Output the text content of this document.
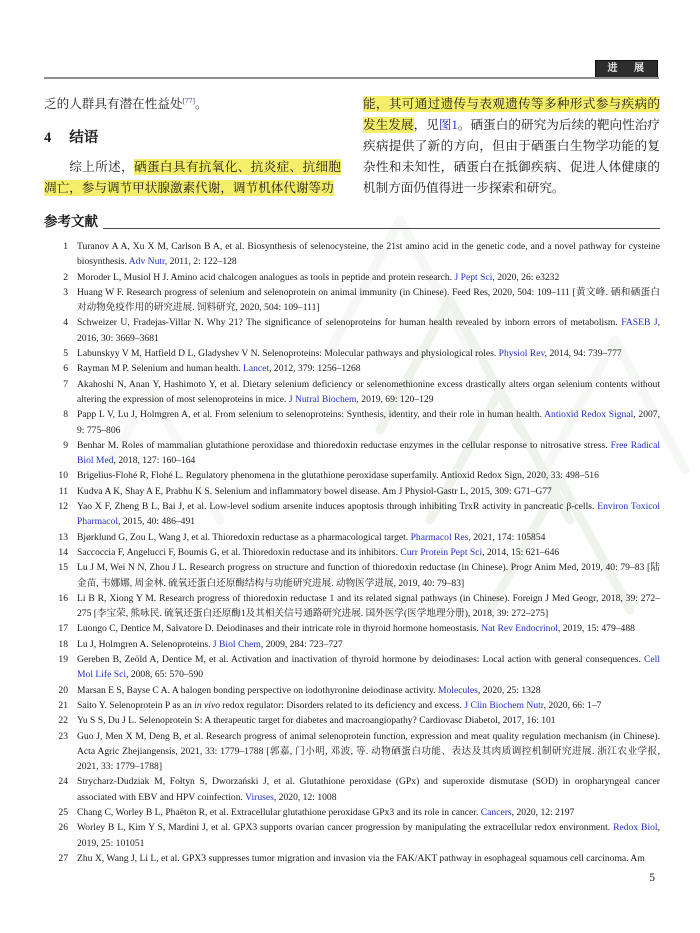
进 展

乏的人群具有潜在性益处[77]。

4 结语

综上所述，硒蛋白具有抗氧化、抗炎症、抗细胞凋亡，参与调节甲状腺激素代谢，调节机体代谢等功

能，其可通过遗传与表观遗传等多种形式参与疾病的发生发展，见图1。硒蛋白的研究为后续的靶向性治疗疾病提供了新的方向，但由于硒蛋白生物学功能的复杂性和未知性，硒蛋白在抵御疾病、促进人体健康的机制方面仍值得进一步探索和研究。

参考文献
1 Turanov A A, Xu X M, Carlson B A, et al. Biosynthesis of selenocysteine, the 21st amino acid in the genetic code, and a novel pathway for cysteine biosynthesis. Adv Nutr, 2011, 2: 122–128
2 Moroder L, Musiol H J. Amino acid chalcogen analogues as tools in peptide and protein research. J Pept Sci, 2020, 26: e3232
3 Huang W F. Research progress of selenium and selenoprotein on animal immunity (in Chinese). Feed Res, 2020, 504: 109–111 [黄文峰. 硒和硒蛋白对动物免疫作用的研究进展. 饲料研究, 2020, 504: 109–111]
4 Schweizer U, Fradejas-Villar N. Why 21? The significance of selenoproteins for human health revealed by inborn errors of metabolism. FASEB J, 2016, 30: 3669–3681
5 Labunskyy V M, Hatfield D L, Gladyshev V N. Selenoproteins: Molecular pathways and physiological roles. Physiol Rev, 2014, 94: 739–777
6 Rayman M P. Selenium and human health. Lancet, 2012, 379: 1256–1268
7 Akahoshi N, Anan Y, Hashimoto Y, et al. Dietary selenium deficiency or selenomethionine excess drastically alters organ selenium contents without altering the expression of most selenoproteins in mice. J Nutral Biochem, 2019, 69: 120–129
8 Papp L V, Lu J, Holmgren A, et al. From selenium to selenoproteins: Synthesis, identity, and their role in human health. Antioxid Redox Signal, 2007, 9: 775–806
9 Benhar M. Roles of mammalian glutathione peroxidase and thioredoxin reductase enzymes in the cellular response to nitrosative stress. Free Radical Biol Med, 2018, 127: 160–164
10 Brigelius-Flohé R, Flohé L. Regulatory phenomena in the glutathione peroxidase superfamily. Antioxid Redox Sign, 2020, 33: 498–516
11 Kudva A K, Shay A E, Prabhu K S. Selenium and inflammatory bowel disease. Am J Physiol-Gastr L, 2015, 309: G71–G77
12 Yao X F, Zheng B L, Bai J, et al. Low-level sodium arsenite induces apoptosis through inhibiting TrxR activity in pancreatic β-cells. Environ Toxicol Pharmacol, 2015, 40: 486–491
13 Bjørklund G, Zou L, Wang J, et al. Thioredoxin reductase as a pharmacological target. Pharmacol Res, 2021, 174: 105854
14 Saccoccia F, Angelucci F, Boumis G, et al. Thioredoxin reductase and its inhibitors. Curr Protein Pept Sci, 2014, 15: 621–646
15 Lu J M, Wei N N, Zhou J L. Research progress on structure and function of thioredoxin reductase (in Chinese). Progr Anim Med, 2019, 40: 79–83 [陆金苗, 韦娜娜, 周金林. 硫氧还蛋白还原酶结构与功能研究进展. 动物医学进展, 2019, 40: 79–83]
16 Li B R, Xiong Y M. Research progress of thioredoxin reductase 1 and its related signal pathways (in Chinese). Foreign J Med Geogr, 2018, 39: 272–275 [李宝荣, 熊咏民. 硫氧还蛋白还原酶1及其相关信号通路研究进展. 国外医学(医学地理分册), 2018, 39: 272–275]
17 Luongo C, Dentice M, Salvatore D. Deiodinases and their intricate role in thyroid hormone homeostasis. Nat Rev Endocrinol, 2019, 15: 479–488
18 Lu J, Holmgren A. Selenoproteins. J Biol Chem, 2009, 284: 723–727
19 Gereben B, Zeöld A, Dentice M, et al. Activation and inactivation of thyroid hormone by deiodinases: Local action with general consequences. Cell Mol Life Sci, 2008, 65: 570–590
20 Marsan E S, Bayse C A. A halogen bonding perspective on iodothyronine deiodinase activity. Molecules, 2020, 25: 1328
21 Saito Y. Selenoprotein P as an in vivo redox regulator: Disorders related to its deficiency and excess. J Clin Biochem Nutr, 2020, 66: 1–7
22 Yu S S, Du J L. Selenoprotein S: A therapeutic target for diabetes and macroangiopathy? Cardiovasc Diabetol, 2017, 16: 101
23 Guo J, Men X M, Deng B, et al. Research progress of animal selenoprotein function, expression and meat quality regulation mechanism (in Chinese). Acta Agric Zhejiangensis, 2021, 33: 1779–1788 [郭嘉, 门小明, 邓波, 等. 动物硒蛋白功能、表达及其肉质调控机制研究进展. 浙江农业学报, 2021, 33: 1779–1788]
24 Strycharz-Dudziak M, Fołtyn S, Dworzański J, et al. Glutathione peroxidase (GPx) and superoxide dismutase (SOD) in oropharyngeal cancer associated with EBV and HPV coinfection. Viruses, 2020, 12: 1008
25 Chang C, Worley B L, Phaëton R, et al. Extracellular glutathione peroxidase GPx3 and its role in cancer. Cancers, 2020, 12: 2197
26 Worley B L, Kim Y S, Mardini J, et al. GPX3 supports ovarian cancer progression by manipulating the extracellular redox environment. Redox Biol, 2019, 25: 101051
27 Zhu X, Wang J, Li L, et al. GPX3 suppresses tumor migration and invasion via the FAK/AKT pathway in esophageal squamous cell carcinoma. Am
5
